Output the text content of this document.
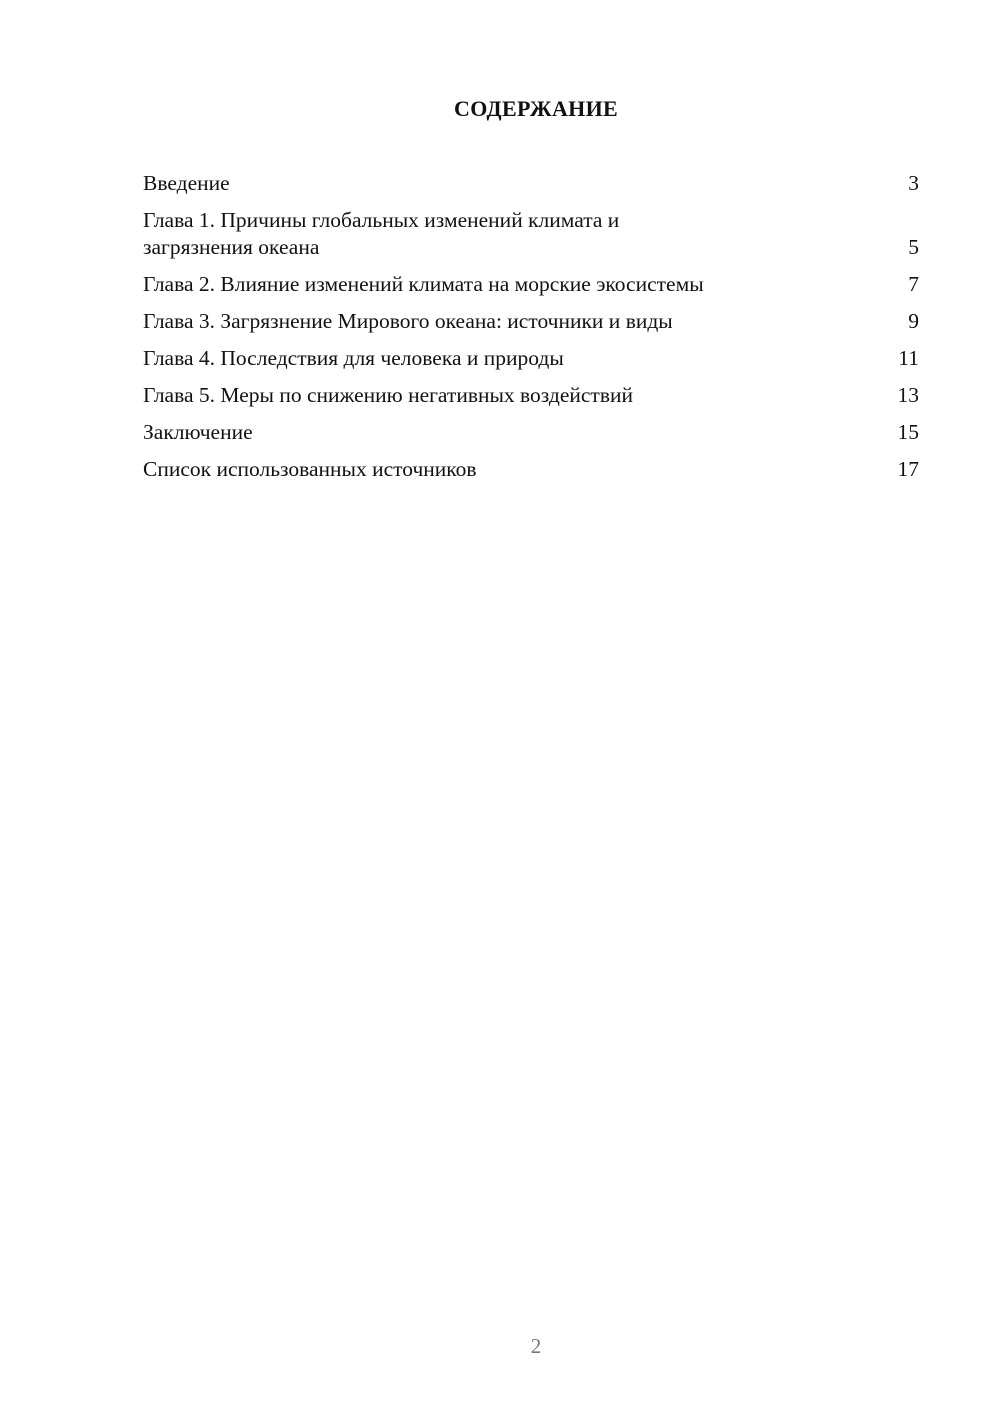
СОДЕРЖАНИЕ
Введение	3
Глава 1. Причины глобальных изменений климата и загрязнения океана	5
Глава 2. Влияние изменений климата на морские экосистемы	7
Глава 3. Загрязнение Мирового океана: источники и виды	9
Глава 4. Последствия для человека и природы	11
Глава 5. Меры по снижению негативных воздействий	13
Заключение	15
Список использованных источников	17
2
